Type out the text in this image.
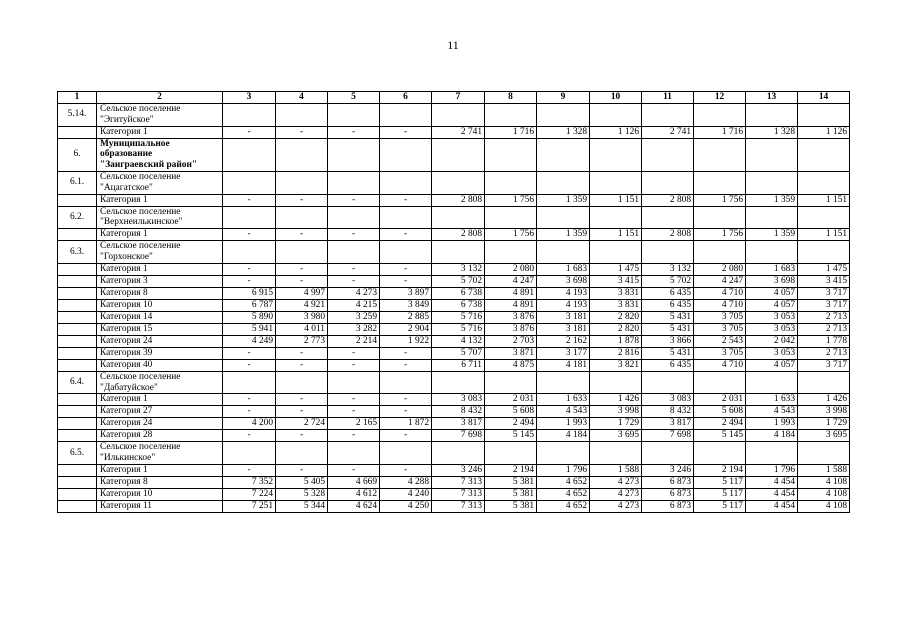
11
1	2	3	4	5	6	7	8	9	10	11	12	13	14
5.14.	Сельское поселение
"Эгитуйское"												

	Категория 1	-	-	-	-	2 741	1 716	1 328	1 126	2 741	1 716	1 328	1 126
6.	Муниципальное
образование
"Заиграевский район"												

6.1.	Сельское поселение
"Ацагатское"												

	Категория 1	-	-	-	-	2 808	1 756	1 359	1 151	2 808	1 756	1 359	1 151
6.2.	Сельское поселение
"Верхнеилькинское"												

	Категория 1	-	-	-	-	2 808	1 756	1 359	1 151	2 808	1 756	1 359	1 151
6.3.	Сельское поселение
"Горхонское"												

	Категория 1	-	-	-	-	3 132	2 080	1 683	1 475	3 132	2 080	1 683	1 475
	Категория 3	-	-	-	-	5 702	4 247	3 698	3 415	5 702	4 247	3 698	3 415
	Категория 8	6 915	4 997	4 273	3 897	6 738	4 891	4 193	3 831	6 435	4 710	4 057	3 717
	Категория 10	6 787	4 921	4 215	3 849	6 738	4 891	4 193	3 831	6 435	4 710	4 057	3 717
	Категория 14	5 890	3 980	3 259	2 885	5 716	3 876	3 181	2 820	5 431	3 705	3 053	2 713
	Категория 15	5 941	4 011	3 282	2 904	5 716	3 876	3 181	2 820	5 431	3 705	3 053	2 713
	Категория 24	4 249	2 773	2 214	1 922	4 132	2 703	2 162	1 878	3 866	2 543	2 042	1 778
	Категория 39	-	-	-	-	5 707	3 871	3 177	2 816	5 431	3 705	3 053	2 713
	Категория 40	-	-	-	-	6 711	4 875	4 181	3 821	6 435	4 710	4 057	3 717
6.4.	Сельское поселение
"Дабатуйское"												

	Категория 1	-	-	-	-	3 083	2 031	1 633	1 426	3 083	2 031	1 633	1 426
	Категория 27	-	-	-	-	8 432	5 608	4 543	3 998	8 432	5 608	4 543	3 998
	Категория 24	4 200	2 724	2 165	1 872	3 817	2 494	1 993	1 729	3 817	2 494	1 993	1 729
	Категория 28	-	-	-	-	7 698	5 145	4 184	3 695	7 698	5 145	4 184	3 695
6.5.	Сельское поселение
"Илькинское"												

	Категория 1	-	-	-	-	3 246	2 194	1 796	1 588	3 246	2 194	1 796	1 588
	Категория 8	7 352	5 405	4 669	4 288	7 313	5 381	4 652	4 273	6 873	5 117	4 454	4 108
	Категория 10	7 224	5 328	4 612	4 240	7 313	5 381	4 652	4 273	6 873	5 117	4 454	4 108
	Категория 11	7 251	5 344	4 624	4 250	7 313	5 381	4 652	4 273	6 873	5 117	4 454	4 108
